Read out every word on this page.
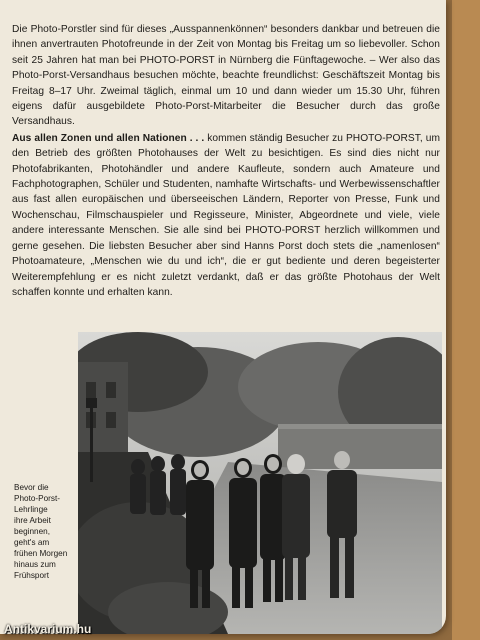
Die Photo-Porstler sind für dieses „Ausspannenkönnen“ besonders dankbar und betreuen die ihnen anvertrauten Photofreunde in der Zeit von Montag bis Freitag um so liebevoller. Schon seit 25 Jahren hat man bei PHOTO-PORST in Nürnberg die Fünftagewoche. – Wer also das Photo-Porst-Versandhaus besuchen möchte, beachte freundlichst: Geschäftszeit Montag bis Freitag 8–17 Uhr. Zweimal täglich, einmal um 10 und dann wieder um 15.30 Uhr, führen eigens dafür ausgebildete Photo-Porst-Mitarbeiter die Besucher durch das große Versandhaus.

Aus allen Zonen und allen Nationen . . . kommen ständig Besucher zu PHOTO-PORST, um den Betrieb des größten Photohauses der Welt zu besichtigen. Es sind dies nicht nur Photofabrikanten, Photohändler und andere Kaufleute, sondern auch Amateure und Fachphotographen, Schüler und Studenten, namhafte Wirtschafts- und Werbewissenschaftler aus fast allen europäischen und überseeischen Ländern, Reporter von Presse, Funk und Wochenschau, Filmschauspieler und Regisseure, Minister, Abgeordnete und viele, viele andere interessante Menschen. Sie alle sind bei PHOTO-PORST herzlich willkommen und gerne gesehen. Die liebsten Besucher aber sind Hanns Porst doch stets die „namenlosen“ Photoamateure, „Menschen wie du und ich“, die er gut bediente und deren begeisterter Weiterempfehlung er es nicht zuletzt verdankt, daß er das größte Photohaus der Welt schaffen konnte und erhalten kann.

Bevor die
Photo-Porst-
Lehrlinge
ihre Arbeit
beginnen,
geht's am
frühen Morgen
hinaus zum
Frühsport
Antikvarium.hu
